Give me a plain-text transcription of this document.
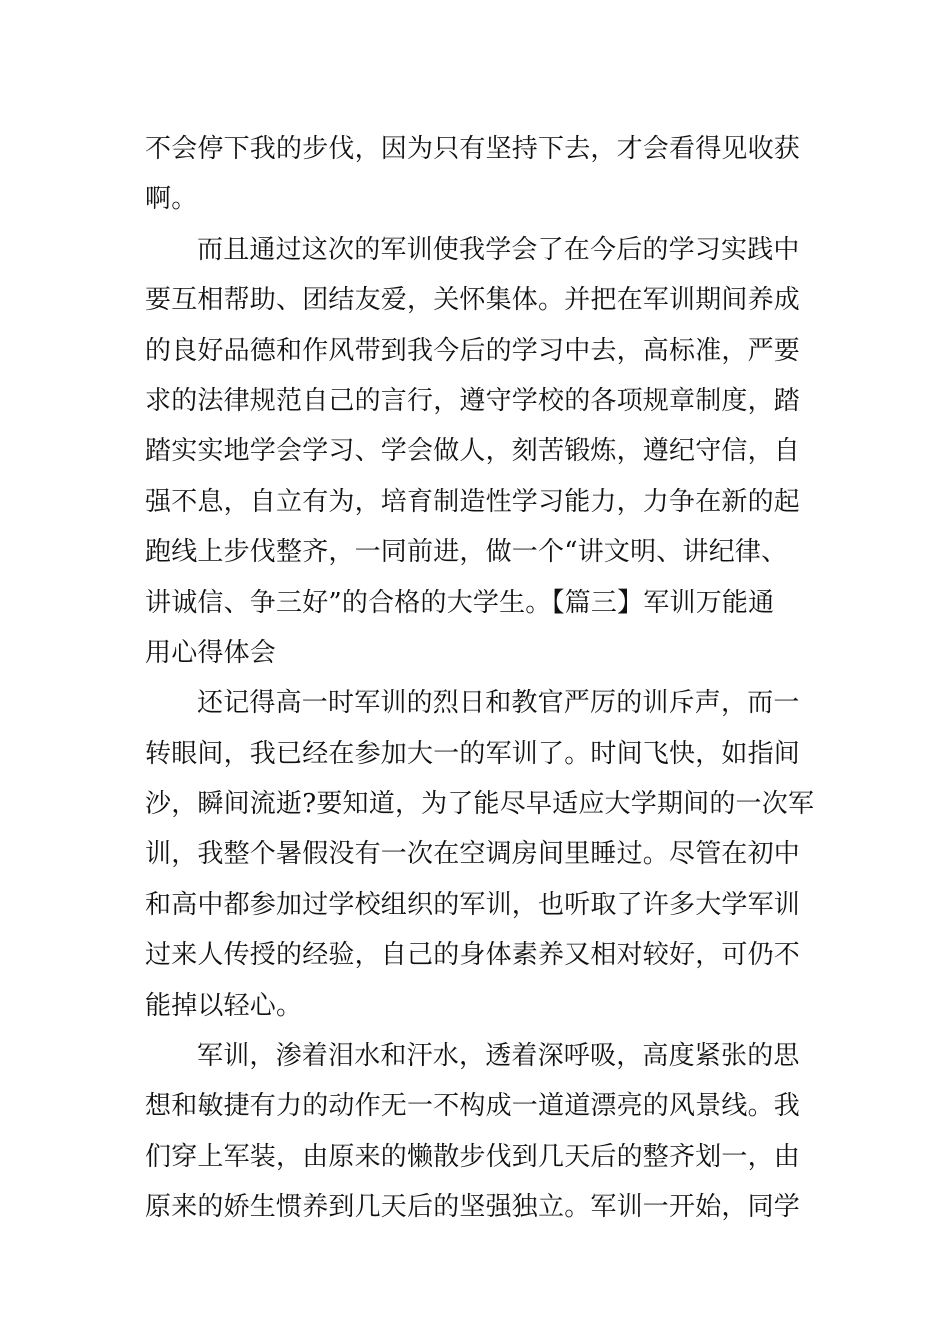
不会停下我的步伐，因为只有坚持下去，才会看得见收获
啊。
而且通过这次的军训使我学会了在今后的学习实践中
要互相帮助、团结友爱，关怀集体。并把在军训期间养成
的良好品德和作风带到我今后的学习中去，高标准，严要
求的法律规范自己的言行，遵守学校的各项规章制度，踏
踏实实地学会学习、学会做人，刻苦锻炼，遵纪守信，自
强不息，自立有为，培育制造性学习能力，力争在新的起
跑线上步伐整齐，一同前进，做一个“讲文明、讲纪律、
讲诚信、争三好”的合格的大学生。【篇三】军训万能通
用心得体会
还记得高一时军训的烈日和教官严厉的训斥声，而一
转眼间，我已经在参加大一的军训了。时间飞快，如指间
沙，瞬间流逝?要知道，为了能尽早适应大学期间的一次军
训，我整个暑假没有一次在空调房间里睡过。尽管在初中
和高中都参加过学校组织的军训，也听取了许多大学军训
过来人传授的经验，自己的身体素养又相对较好，可仍不
能掉以轻心。
军训，渗着泪水和汗水，透着深呼吸，高度紧张的思
想和敏捷有力的动作无一不构成一道道漂亮的风景线。我
们穿上军装，由原来的懒散步伐到几天后的整齐划一，由
原来的娇生惯养到几天后的坚强独立。军训一开始，同学
